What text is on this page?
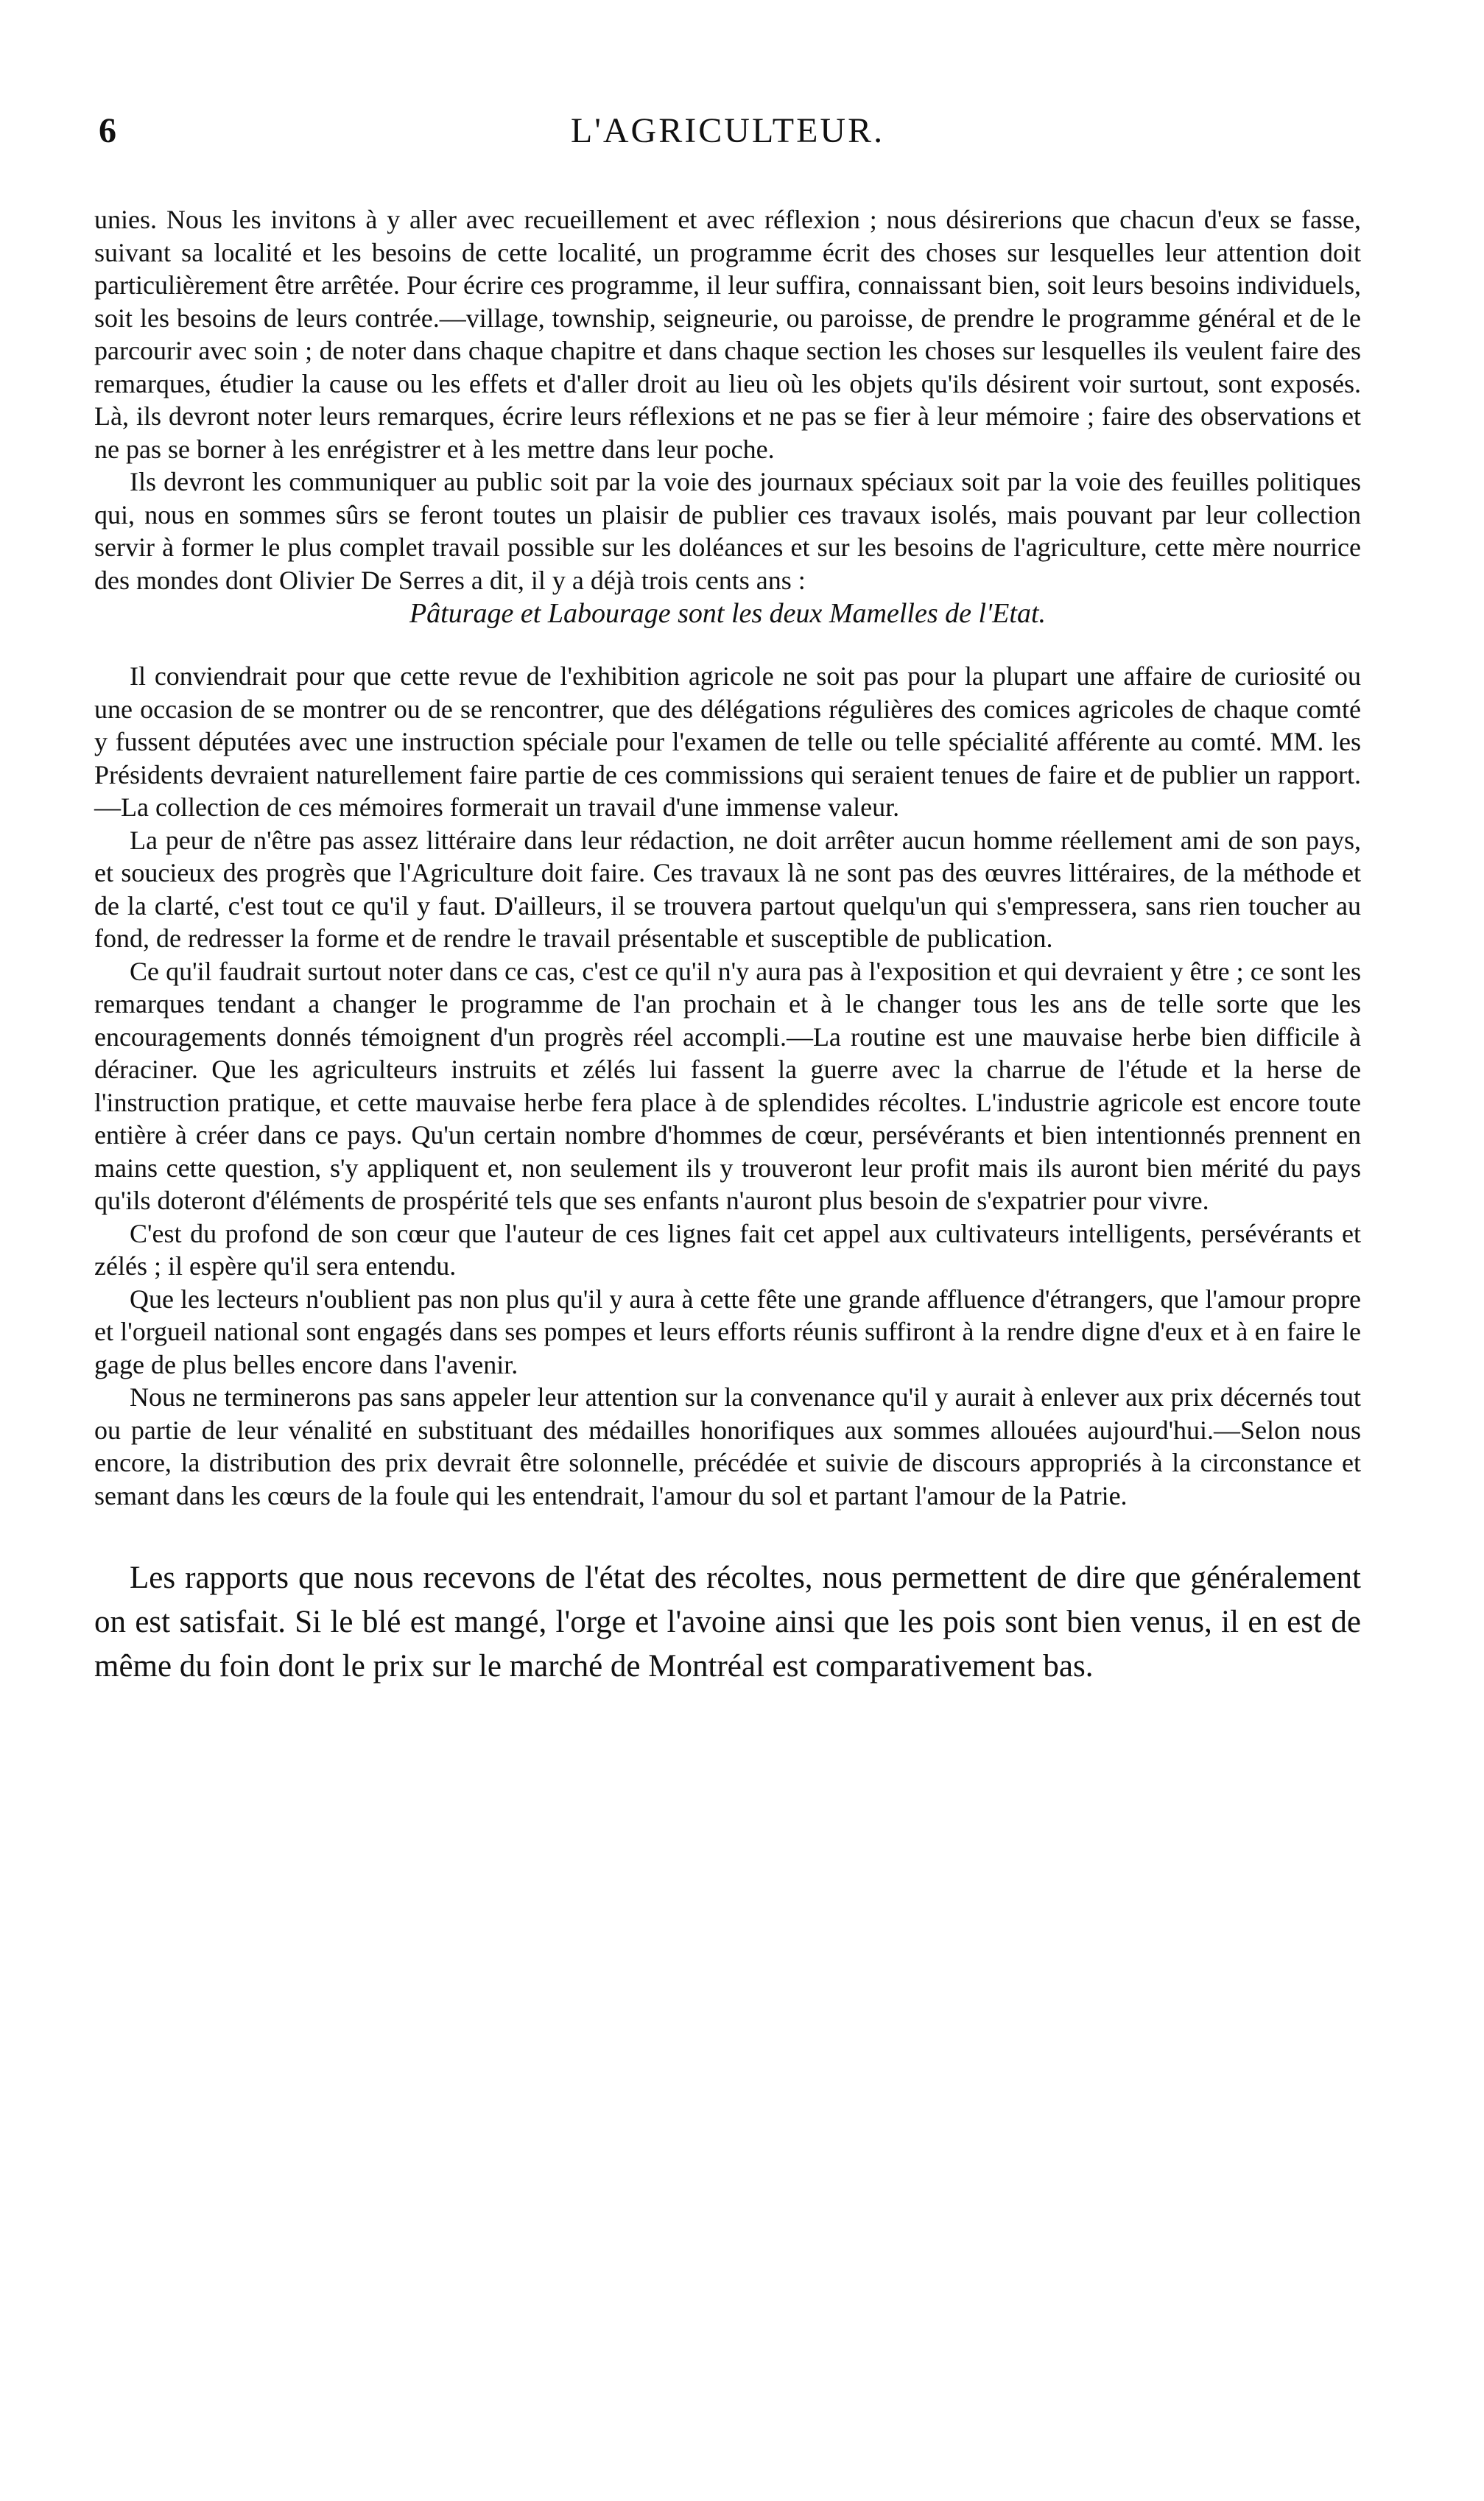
6	L'AGRICULTEUR.

unies. Nous les invitons à y aller avec recueillement et avec réflexion ; nous désirerions que chacun d'eux se fasse, suivant sa localité et les besoins de cette localité, un programme écrit des choses sur lesquelles leur attention doit particulièrement être arrêtée. Pour écrire ces programme, il leur suffira, connaissant bien, soit leurs besoins individuels, soit les besoins de leurs contrée.—village, township, seigneurie, ou paroisse, de prendre le programme général et de le parcourir avec soin ; de noter dans chaque chapitre et dans chaque section les choses sur lesquelles ils veulent faire des remarques, étudier la cause ou les effets et d'aller droit au lieu où les objets qu'ils désirent voir surtout, sont exposés. Là, ils devront noter leurs remarques, écrire leurs réflexions et ne pas se fier à leur mémoire ; faire des observations et ne pas se borner à les enrégistrer et à les mettre dans leur poche.

Ils devront les communiquer au public soit par la voie des journaux spéciaux soit par la voie des feuilles politiques qui, nous en sommes sûrs se feront toutes un plaisir de publier ces travaux isolés, mais pouvant par leur collection servir à former le plus complet travail possible sur les doléances et sur les besoins de l'agriculture, cette mère nourrice des mondes dont Olivier De Serres a dit, il y a déjà trois cents ans :

Pâturage et Labourage sont les deux Mamelles de l'Etat.

Il conviendrait pour que cette revue de l'exhibition agricole ne soit pas pour la plupart une affaire de curiosité ou une occasion de se montrer ou de se rencontrer, que des délégations régulières des comices agricoles de chaque comté y fussent députées avec une instruction spéciale pour l'examen de telle ou telle spécialité afférente au comté. MM. les Présidents devraient naturellement faire partie de ces commissions qui seraient tenues de faire et de publier un rapport.—La collection de ces mémoires formerait un travail d'une immense valeur.

La peur de n'être pas assez littéraire dans leur rédaction, ne doit arrêter aucun homme réellement ami de son pays, et soucieux des progrès que l'Agriculture doit faire. Ces travaux là ne sont pas des œuvres littéraires, de la méthode et de la clarté, c'est tout ce qu'il y faut. D'ailleurs, il se trouvera partout quelqu'un qui s'empressera, sans rien toucher au fond, de redresser la forme et de rendre le travail présentable et susceptible de publication.

Ce qu'il faudrait surtout noter dans ce cas, c'est ce qu'il n'y aura pas à l'exposition et qui devraient y être ; ce sont les remarques tendant a changer le programme de l'an prochain et à le changer tous les ans de telle sorte que les encouragements donnés témoignent d'un progrès réel accompli.—La routine est une mauvaise herbe bien difficile à déraciner. Que les agriculteurs instruits et zélés lui fassent la guerre avec la charrue de l'étude et la herse de l'instruction pratique, et cette mauvaise herbe fera place à de splendides récoltes. L'industrie agricole est encore toute entière à créer dans ce pays. Qu'un certain nombre d'hommes de cœur, persévérants et bien intentionnés prennent en mains cette question, s'y appliquent et, non seulement ils y trouveront leur profit mais ils auront bien mérité du pays qu'ils doteront d'éléments de prospérité tels que ses enfants n'auront plus besoin de s'expatrier pour vivre.

C'est du profond de son cœur que l'auteur de ces lignes fait cet appel aux cultivateurs intelligents, persévérants et zélés ; il espère qu'il sera entendu.

Que les lecteurs n'oublient pas non plus qu'il y aura à cette fête une grande affluence d'étrangers, que l'amour propre et l'orgueil national sont engagés dans ses pompes et leurs efforts réunis suffiront à la rendre digne d'eux et à en faire le gage de plus belles encore dans l'avenir.

Nous ne terminerons pas sans appeler leur attention sur la convenance qu'il y aurait à enlever aux prix décernés tout ou partie de leur vénalité en substituant des médailles honorifiques aux sommes allouées aujourd'hui.—Selon nous encore, la distribution des prix devrait être solonnelle, précédée et suivie de discours appropriés à la circonstance et semant dans les cœurs de la foule qui les entendrait, l'amour du sol et partant l'amour de la Patrie.

Les rapports que nous recevons de l'état des récoltes, nous permettent de dire que généralement on est satisfait. Si le blé est mangé, l'orge et l'avoine ainsi que les pois sont bien venus, il en est de même du foin dont le prix sur le marché de Montréal est comparativement bas.
